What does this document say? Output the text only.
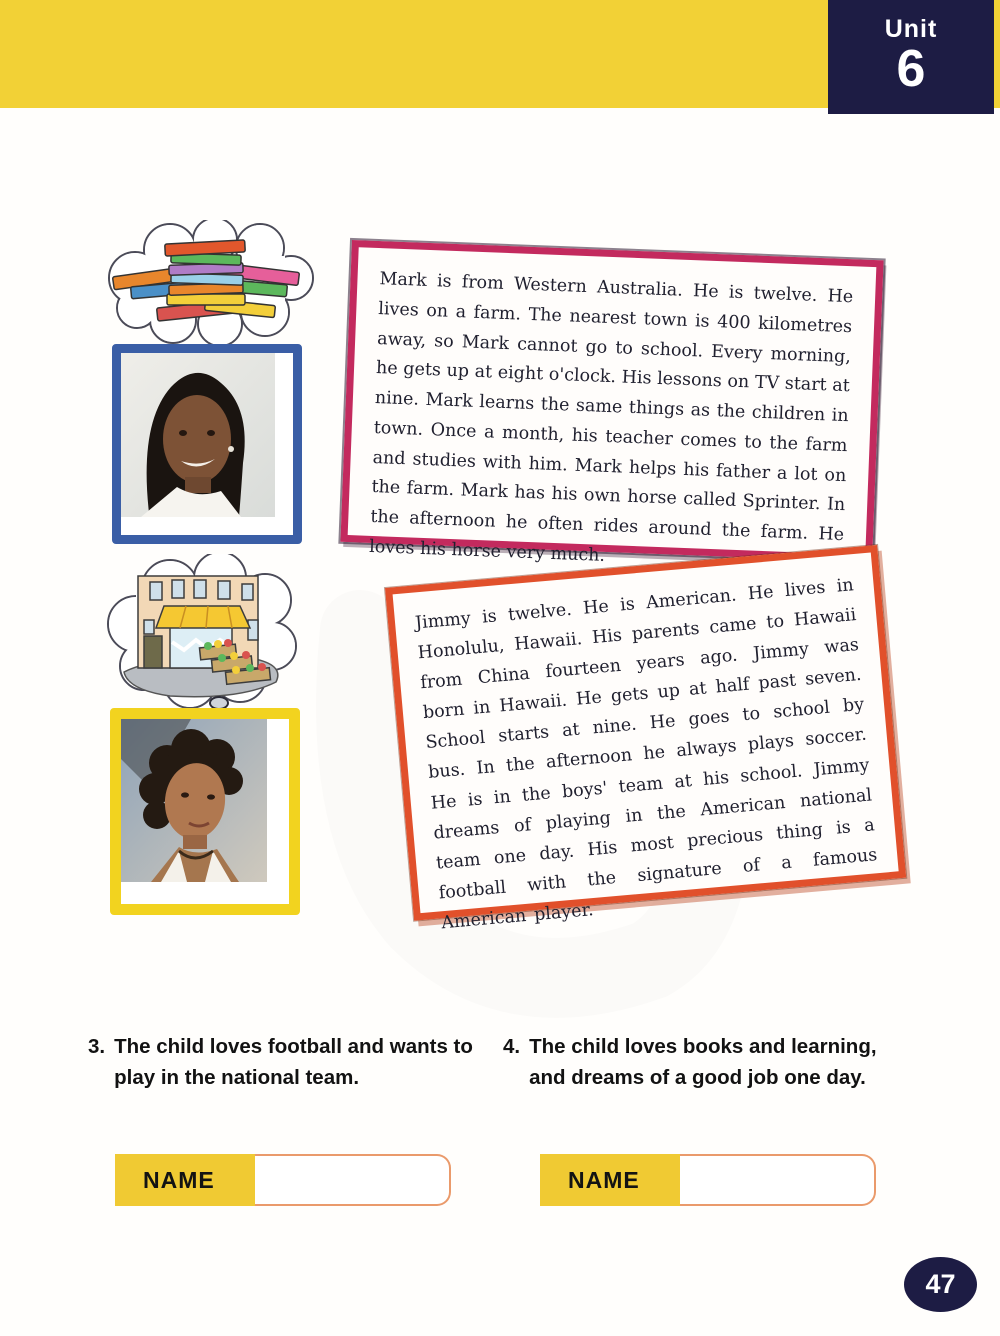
Unit
6

Mark is from Western Australia. He is twelve. He lives on a farm. The nearest town is 400 kilometres away, so Mark cannot go to school. Every morning, he gets up at eight o'clock. His lessons on TV start at nine. Mark learns the same things as the children in town. Once a month, his teacher comes to the farm and studies with him. Mark helps his father a lot on the farm. Mark has his own horse called Sprinter. In the afternoon he often rides around the farm. He loves his horse very much.

Jimmy is twelve. He is American. He lives in Honolulu, Hawaii. His parents came to Hawaii from China fourteen years ago. Jimmy was born in Hawaii. He gets up at half past seven. School starts at nine. He goes to school by bus. In the afternoon he always plays soccer. He is in the boys' team at his school. Jimmy dreams of playing in the American national team one day. His most precious thing is a football with the signature of a famous American player.

3. The child loves football and wants to play in the national team.
4. The child loves books and learning, and dreams of a good job one day.
NAME	NAME
47
